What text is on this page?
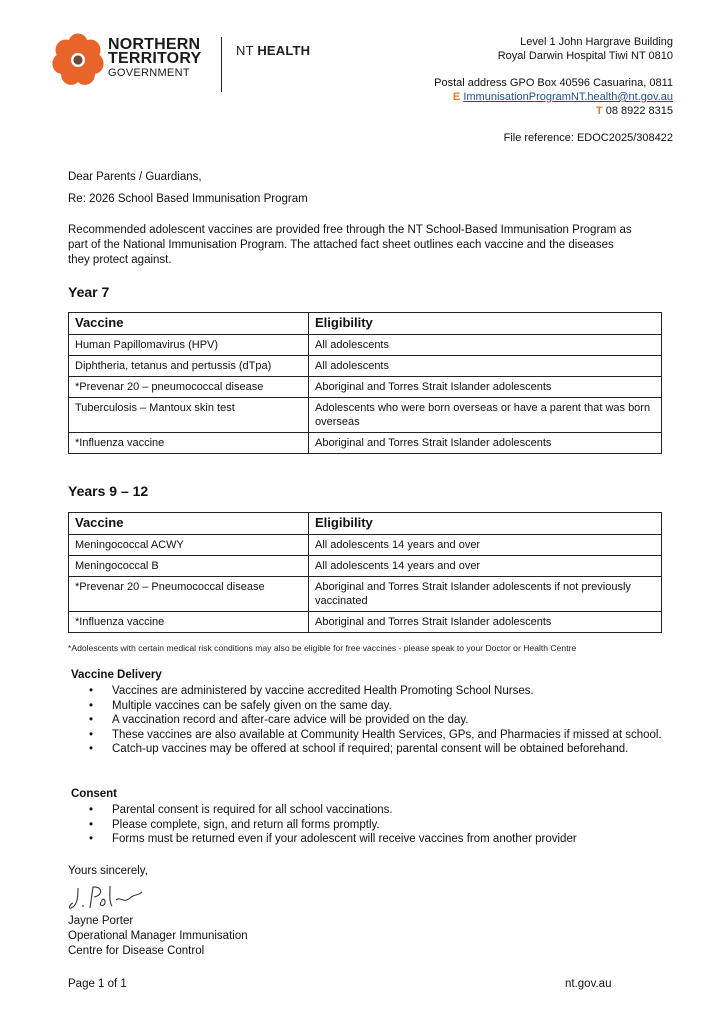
NORTHERN
TERRITORY
GOVERNMENT
NT HEALTH
Level 1 John Hargrave Building
Royal Darwin Hospital Tiwi NT 0810
Postal address GPO Box 40596 Casuarina, 0811
E ImmunisationProgramNT.health@nt.gov.au
T 08 8922 8315
File reference: EDOC2025/308422
Dear Parents / Guardians,
Re: 2026 School Based Immunisation Program
Recommended adolescent vaccines are provided free through the NT School-Based Immunisation Program as
part of the National Immunisation Program. The attached fact sheet outlines each vaccine and the diseases
they protect against.
Year 7
Vaccine	Eligibility
Human Papillomavirus (HPV)	All adolescents
Diphtheria, tetanus and pertussis (dTpa)	All adolescents
*Prevenar 20 – pneumococcal disease	Aboriginal and Torres Strait Islander adolescents
Tuberculosis – Mantoux skin test	Adolescents who were born overseas or have a parent that was born overseas
*Influenza vaccine	Aboriginal and Torres Strait Islander adolescents
Years 9 – 12
Vaccine	Eligibility
Meningococcal ACWY	All adolescents 14 years and over
Meningococcal B	All adolescents 14 years and over
*Prevenar 20 – Pneumococcal disease	Aboriginal and Torres Strait Islander adolescents if not previously vaccinated
*Influenza vaccine	Aboriginal and Torres Strait Islander adolescents
*Adolescents with certain medical risk conditions may also be eligible for free vaccines - please speak to your Doctor or Health Centre
Vaccine Delivery
• Vaccines are administered by vaccine accredited Health Promoting School Nurses.
• Multiple vaccines can be safely given on the same day.
• A vaccination record and after-care advice will be provided on the day.
• These vaccines are also available at Community Health Services, GPs, and Pharmacies if missed at school.
• Catch-up vaccines may be offered at school if required; parental consent will be obtained beforehand.
Consent
• Parental consent is required for all school vaccinations.
• Please complete, sign, and return all forms promptly.
• Forms must be returned even if your adolescent will receive vaccines from another provider
Yours sincerely,
Jayne Porter
Operational Manager Immunisation
Centre for Disease Control
Page 1 of 1	nt.gov.au
